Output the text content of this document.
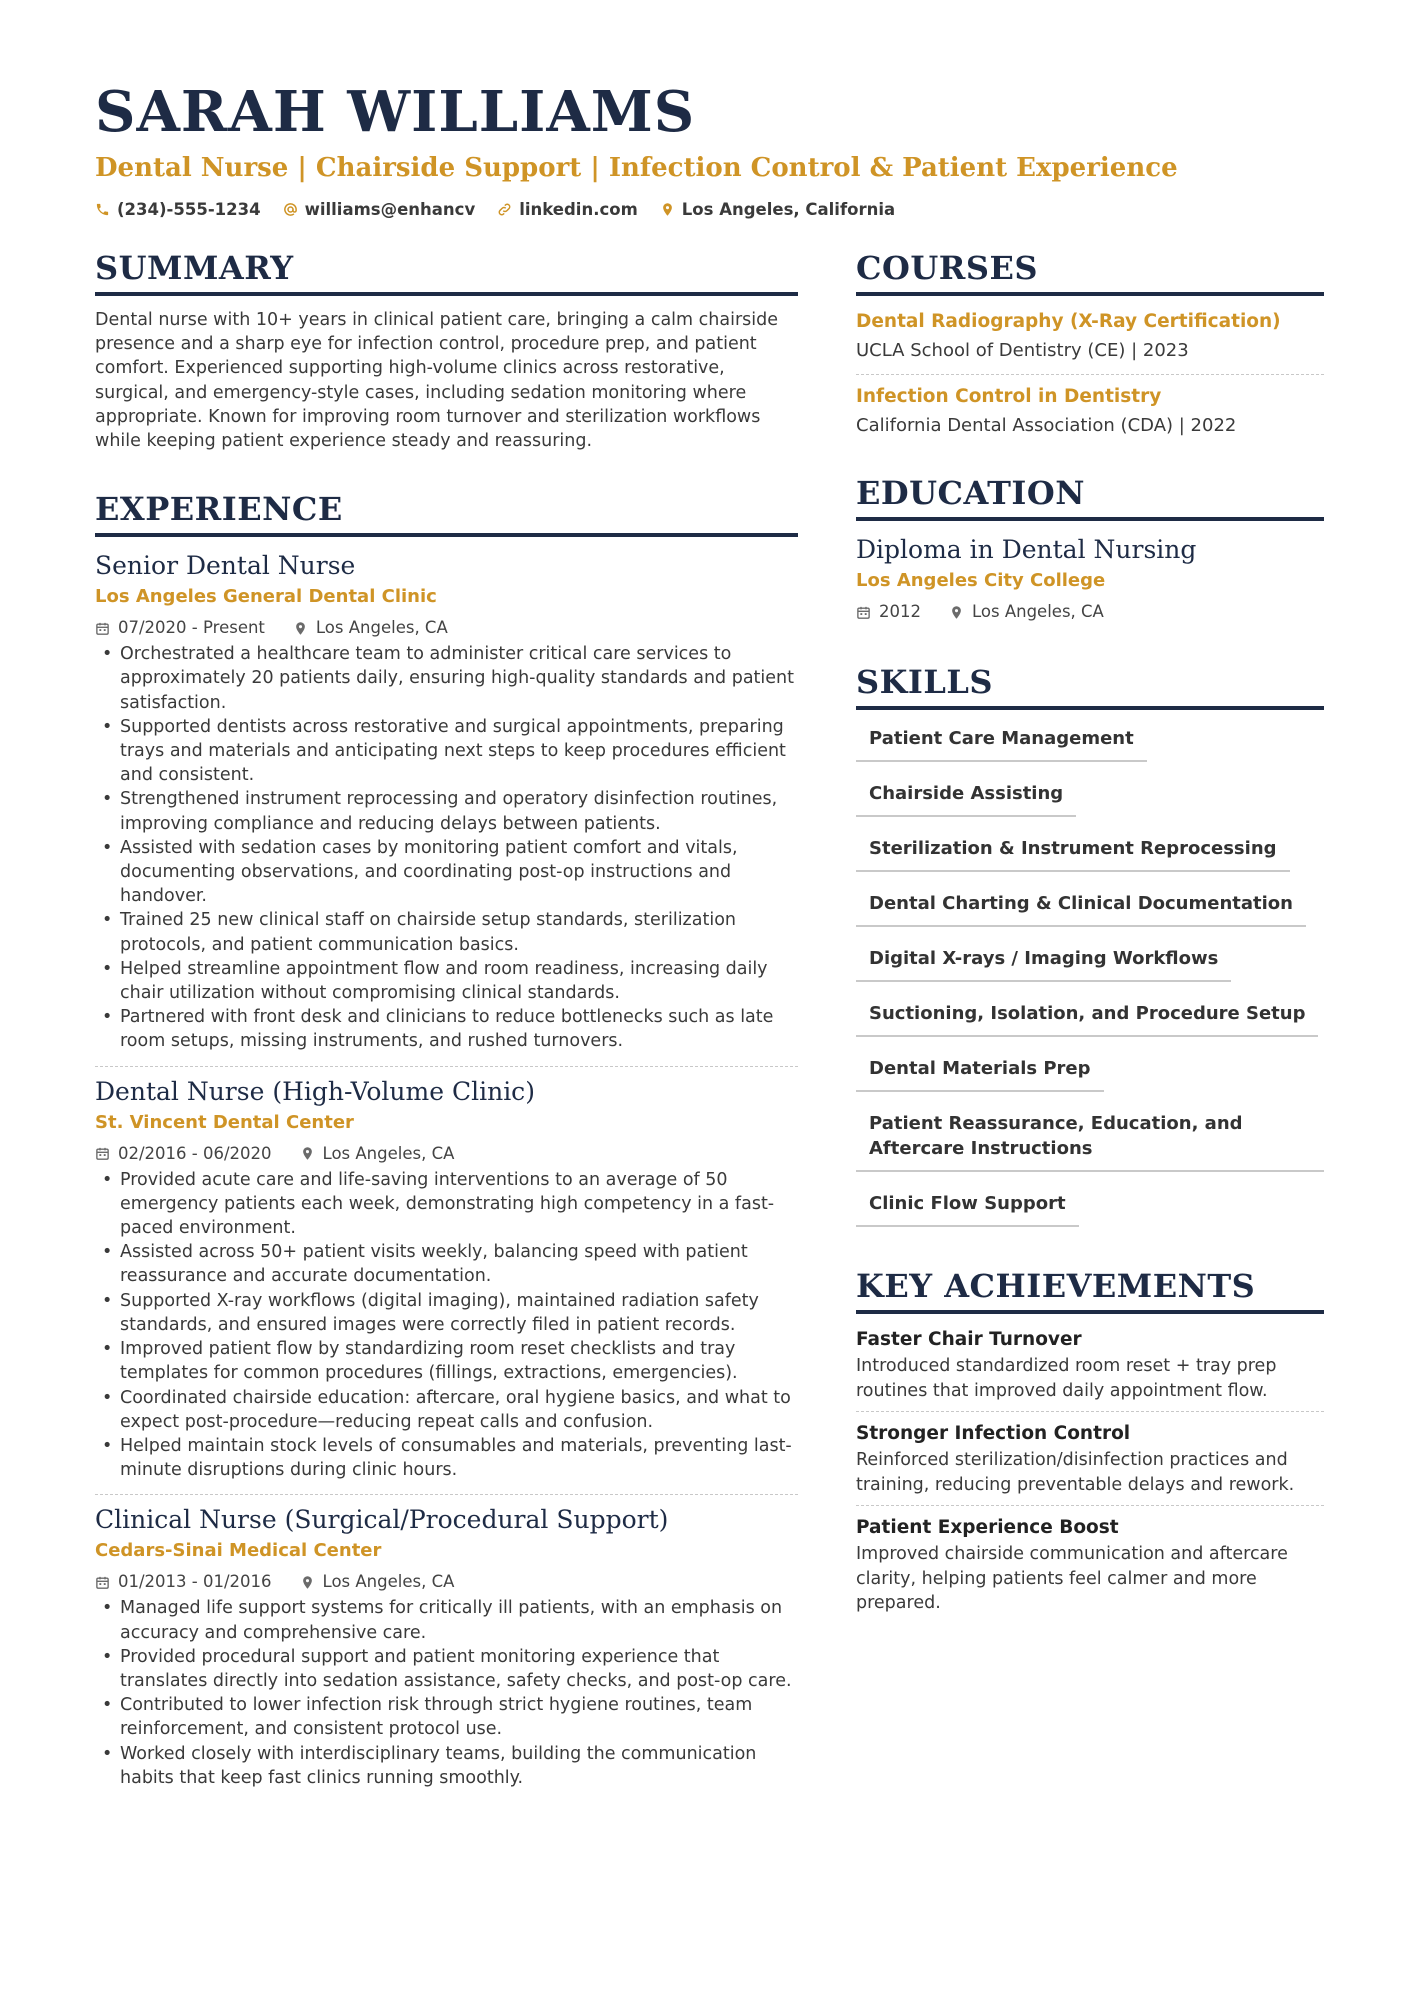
SARAH WILLIAMS
Dental Nurse | Chairside Support | Infection Control & Patient Experience
(234)-555-1234	williams@enhancv	linkedin.com	Los Angeles, California
SUMMARY
Dental nurse with 10+ years in clinical patient care, bringing a calm chairside presence and a sharp eye for infection control, procedure prep, and patient comfort. Experienced supporting high-volume clinics across restorative, surgical, and emergency-style cases, including sedation monitoring where appropriate. Known for improving room turnover and sterilization workflows while keeping patient experience steady and reassuring.
EXPERIENCE
Senior Dental Nurse
Los Angeles General Dental Clinic
07/2020 - Present	Los Angeles, CA
• Orchestrated a healthcare team to administer critical care services to approximately 20 patients daily, ensuring high-quality standards and patient satisfaction.
• Supported dentists across restorative and surgical appointments, preparing trays and materials and anticipating next steps to keep procedures efficient and consistent.
• Strengthened instrument reprocessing and operatory disinfection routines, improving compliance and reducing delays between patients.
• Assisted with sedation cases by monitoring patient comfort and vitals, documenting observations, and coordinating post-op instructions and handover.
• Trained 25 new clinical staff on chairside setup standards, sterilization protocols, and patient communication basics.
• Helped streamline appointment flow and room readiness, increasing daily chair utilization without compromising clinical standards.
• Partnered with front desk and clinicians to reduce bottlenecks such as late room setups, missing instruments, and rushed turnovers.
Dental Nurse (High-Volume Clinic)
St. Vincent Dental Center
02/2016 - 06/2020	Los Angeles, CA
• Provided acute care and life-saving interventions to an average of 50 emergency patients each week, demonstrating high competency in a fast-paced environment.
• Assisted across 50+ patient visits weekly, balancing speed with patient reassurance and accurate documentation.
• Supported X-ray workflows (digital imaging), maintained radiation safety standards, and ensured images were correctly filed in patient records.
• Improved patient flow by standardizing room reset checklists and tray templates for common procedures (fillings, extractions, emergencies).
• Coordinated chairside education: aftercare, oral hygiene basics, and what to expect post-procedure—reducing repeat calls and confusion.
• Helped maintain stock levels of consumables and materials, preventing last-minute disruptions during clinic hours.
Clinical Nurse (Surgical/Procedural Support)
Cedars-Sinai Medical Center
01/2013 - 01/2016	Los Angeles, CA
• Managed life support systems for critically ill patients, with an emphasis on accuracy and comprehensive care.
• Provided procedural support and patient monitoring experience that translates directly into sedation assistance, safety checks, and post-op care.
• Contributed to lower infection risk through strict hygiene routines, team reinforcement, and consistent protocol use.
• Worked closely with interdisciplinary teams, building the communication habits that keep fast clinics running smoothly.
COURSES
Dental Radiography (X-Ray Certification)
UCLA School of Dentistry (CE) | 2023
Infection Control in Dentistry
California Dental Association (CDA) | 2022
EDUCATION
Diploma in Dental Nursing
Los Angeles City College
2012	Los Angeles, CA
SKILLS
Patient Care Management
Chairside Assisting
Sterilization & Instrument Reprocessing
Dental Charting & Clinical Documentation
Digital X-rays / Imaging Workflows
Suctioning, Isolation, and Procedure Setup
Dental Materials Prep
Patient Reassurance, Education, and Aftercare Instructions
Clinic Flow Support
KEY ACHIEVEMENTS
Faster Chair Turnover
Introduced standardized room reset + tray prep routines that improved daily appointment flow.
Stronger Infection Control
Reinforced sterilization/disinfection practices and training, reducing preventable delays and rework.
Patient Experience Boost
Improved chairside communication and aftercare clarity, helping patients feel calmer and more prepared.
